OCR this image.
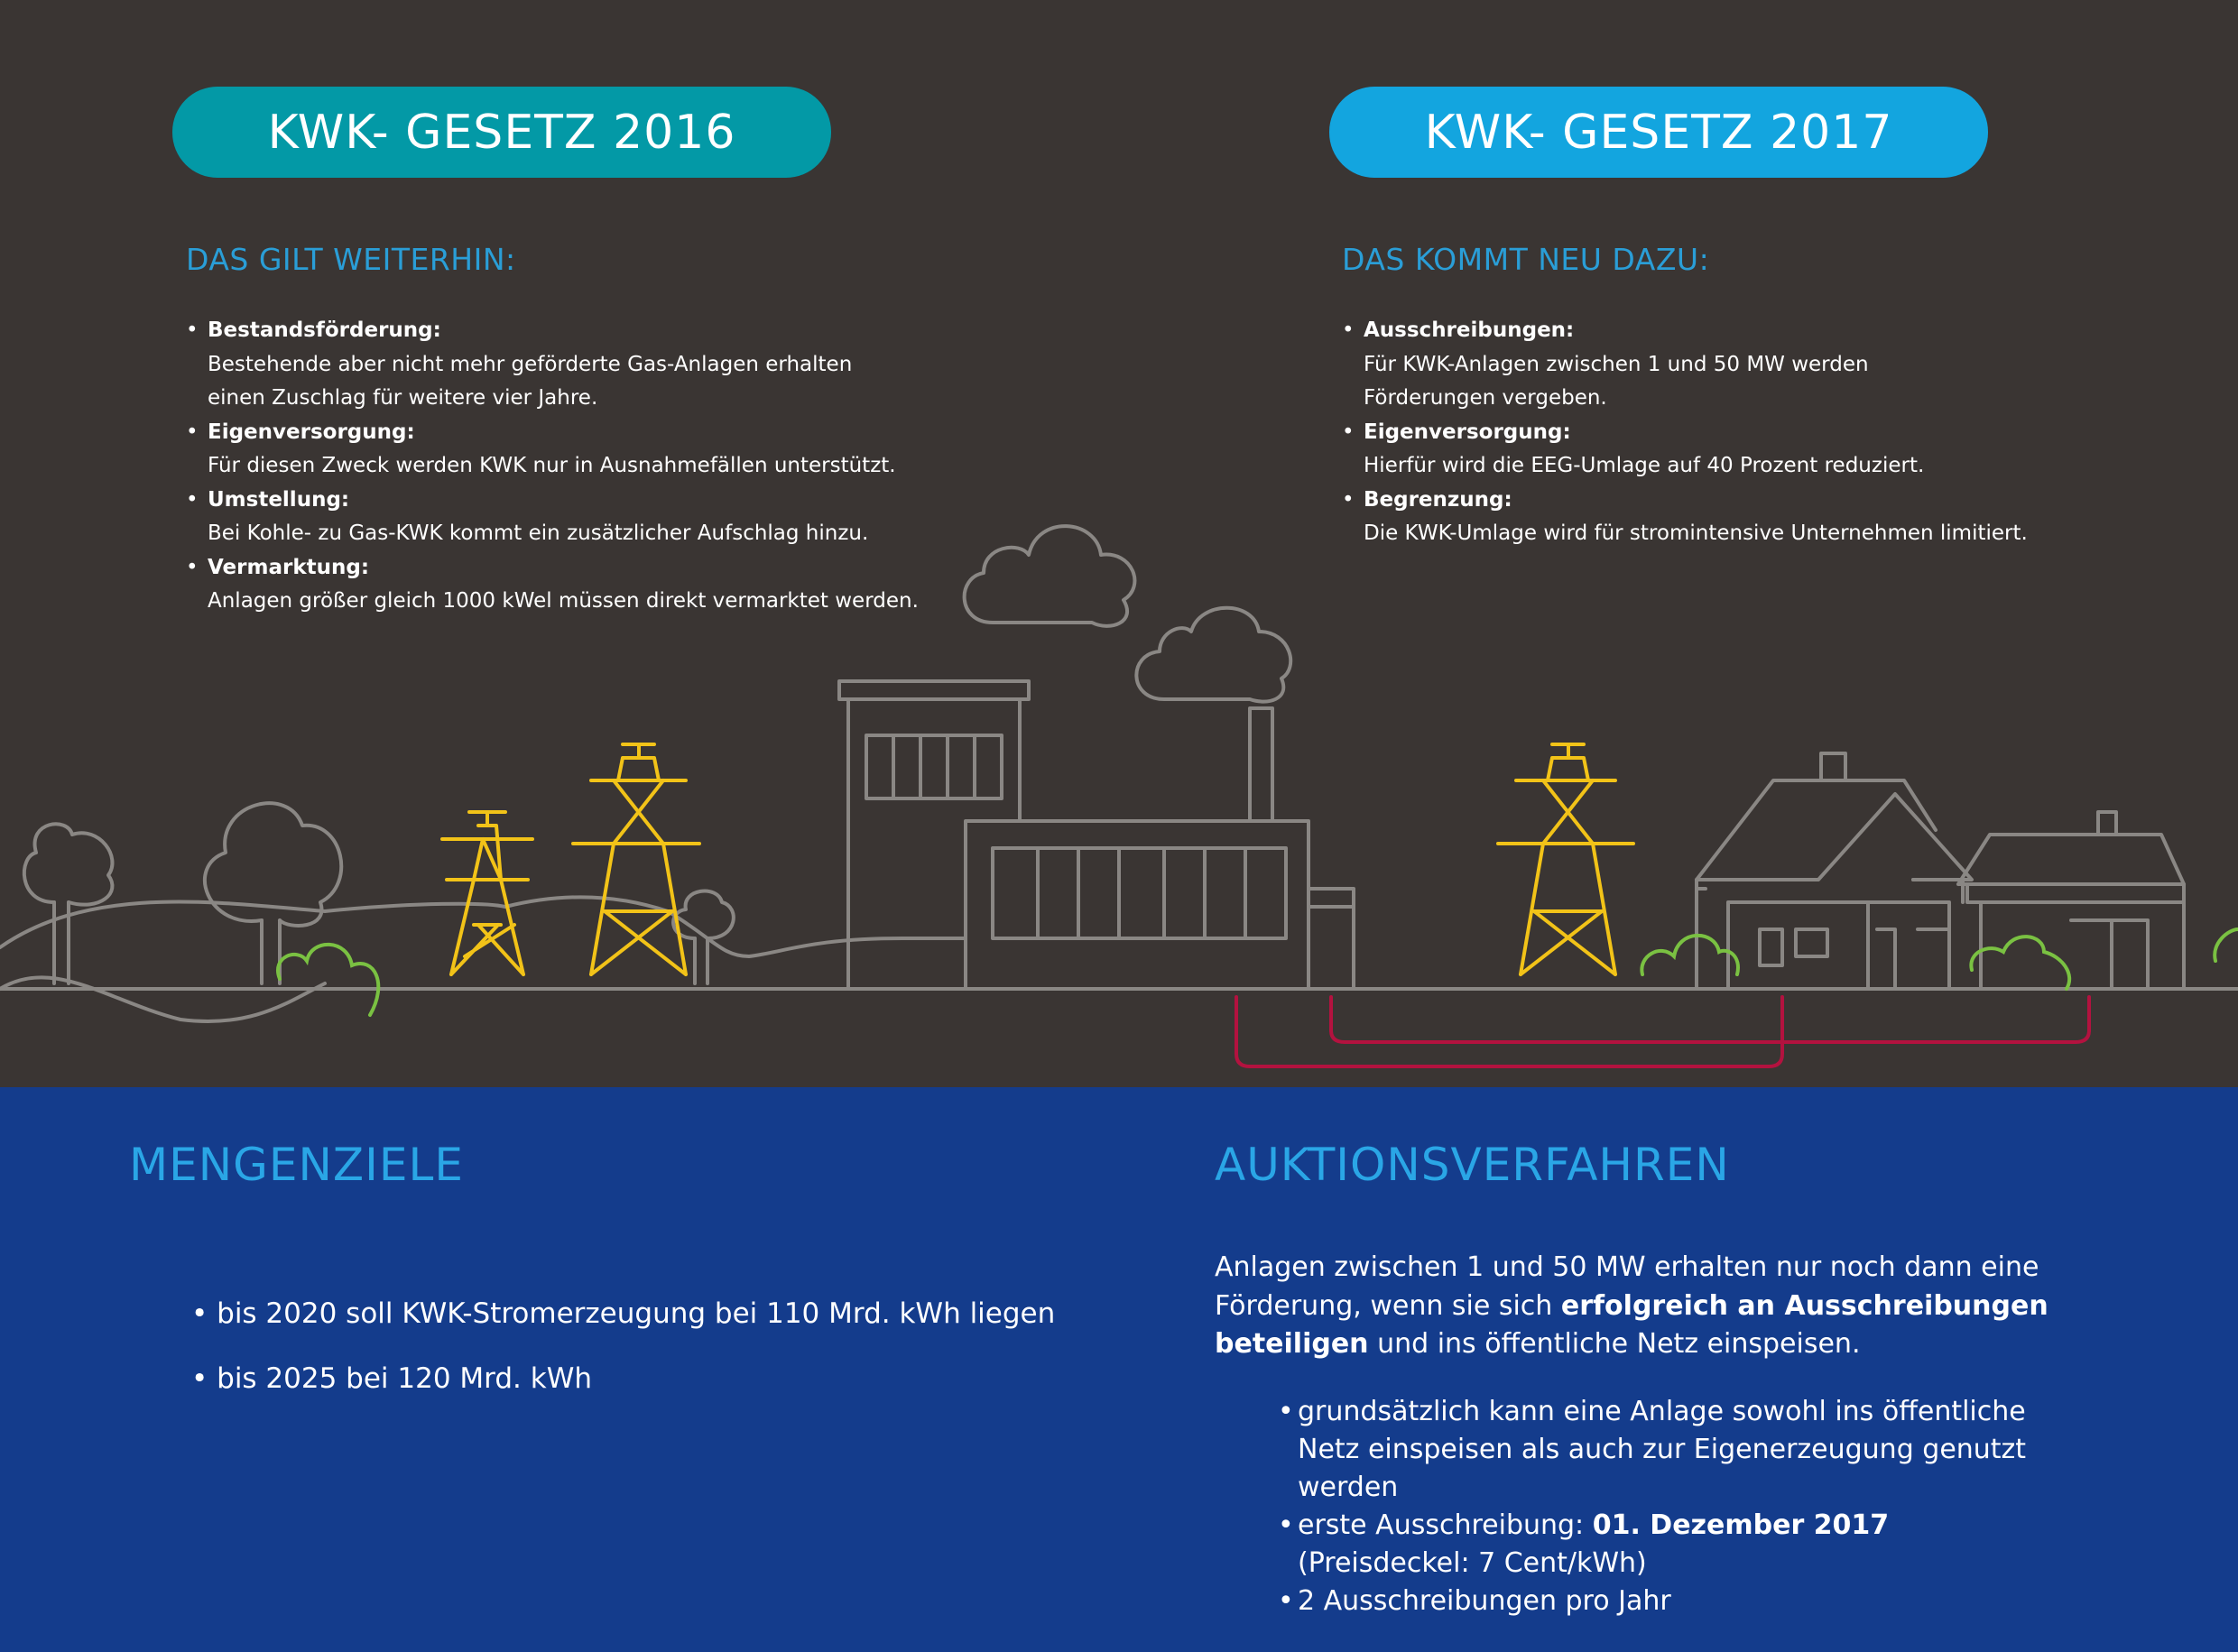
KWK- GESETZ 2016	KWK- GESETZ 2017
DAS GILT WEITERHIN:	DAS KOMMT NEU DAZU:
• Bestandsförderung:
Bestehende aber nicht mehr geförderte Gas-Anlagen erhalten einen Zuschlag für weitere vier Jahre.
• Eigenversorgung:
Für diesen Zweck werden KWK nur in Ausnahmefällen unterstützt.
• Umstellung:
Bei Kohle- zu Gas-KWK kommt ein zusätzlicher Aufschlag hinzu.
• Vermarktung:
Anlagen größer gleich 1000 kWel müssen direkt vermarktet werden.
• Ausschreibungen:
Für KWK-Anlagen zwischen 1 und 50 MW werden Förderungen vergeben.
• Eigenversorgung:
Hierfür wird die EEG-Umlage auf 40 Prozent reduziert.
• Begrenzung:
Die KWK-Umlage wird für stromintensive Unternehmen limitiert.
MENGENZIELE
• bis 2020 soll KWK-Stromerzeugung bei 110 Mrd. kWh liegen
• bis 2025 bei 120 Mrd. kWh
AUKTIONSVERFAHREN
Anlagen zwischen 1 und 50 MW erhalten nur noch dann eine Förderung, wenn sie sich erfolgreich an Ausschreibungen beteiligen und ins öffentliche Netz einspeisen.
• grundsätzlich kann eine Anlage sowohl ins öffentliche Netz einspeisen als auch zur Eigenerzeugung genutzt werden
• erste Ausschreibung: 01. Dezember 2017
(Preisdeckel: 7 Cent/kWh)
• 2 Ausschreibungen pro Jahr
